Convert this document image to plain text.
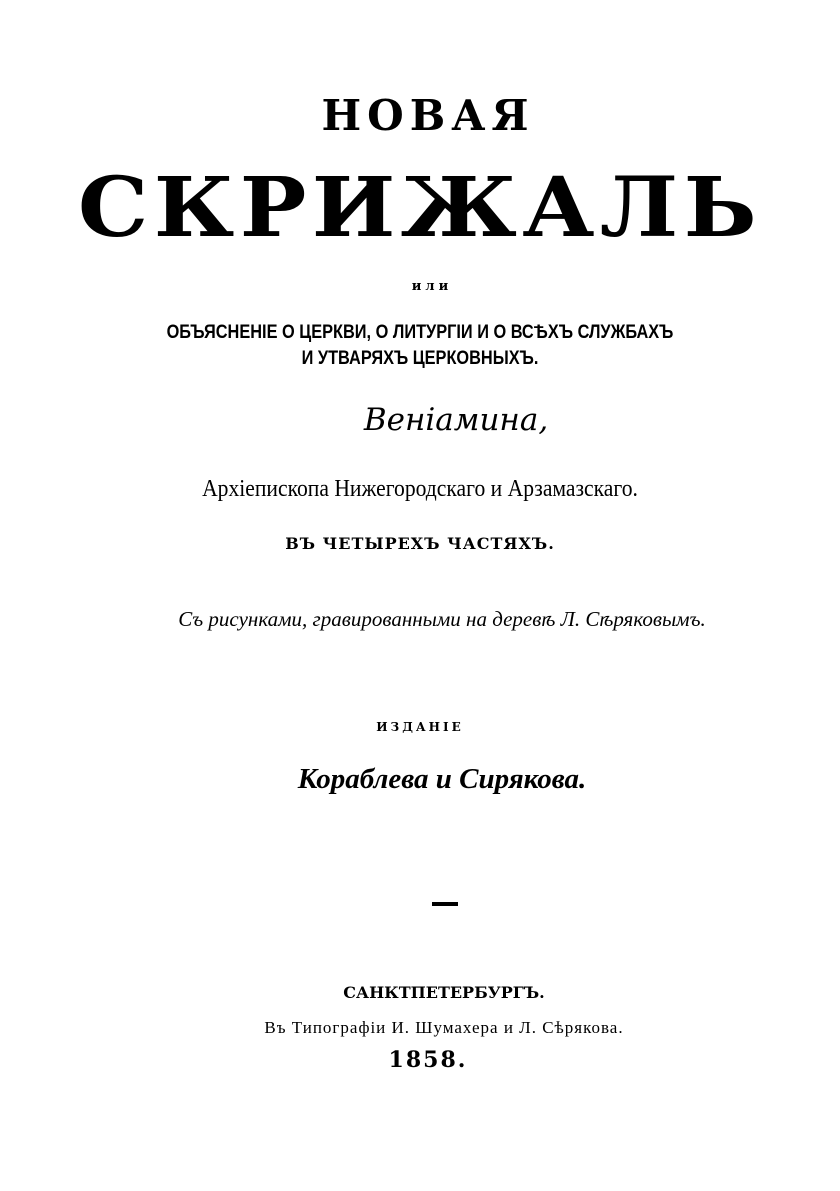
НОВАЯ
СКРИЖАЛЬ
или
ОБЪЯСНЕНІЕ О ЦЕРКВИ, О ЛИТУРГІИ И О ВСѢХЪ СЛУЖБАХЪ
И УТВАРЯХЪ ЦЕРКОВНЫХЪ.
Веніамина,
Архіепископа Нижегородскаго и Арзамазскаго.
ВЪ ЧЕТЫРЕХЪ ЧАСТЯХЪ.
Съ рисунками, гравированными на деревѣ Л. Сѣряковымъ.
ИЗДАНІЕ
Кораблева и Сирякова.
САНКТПЕТЕРБУРГЪ.
Въ Типографіи И. Шумахера и Л. Сѣрякова.
1858.
